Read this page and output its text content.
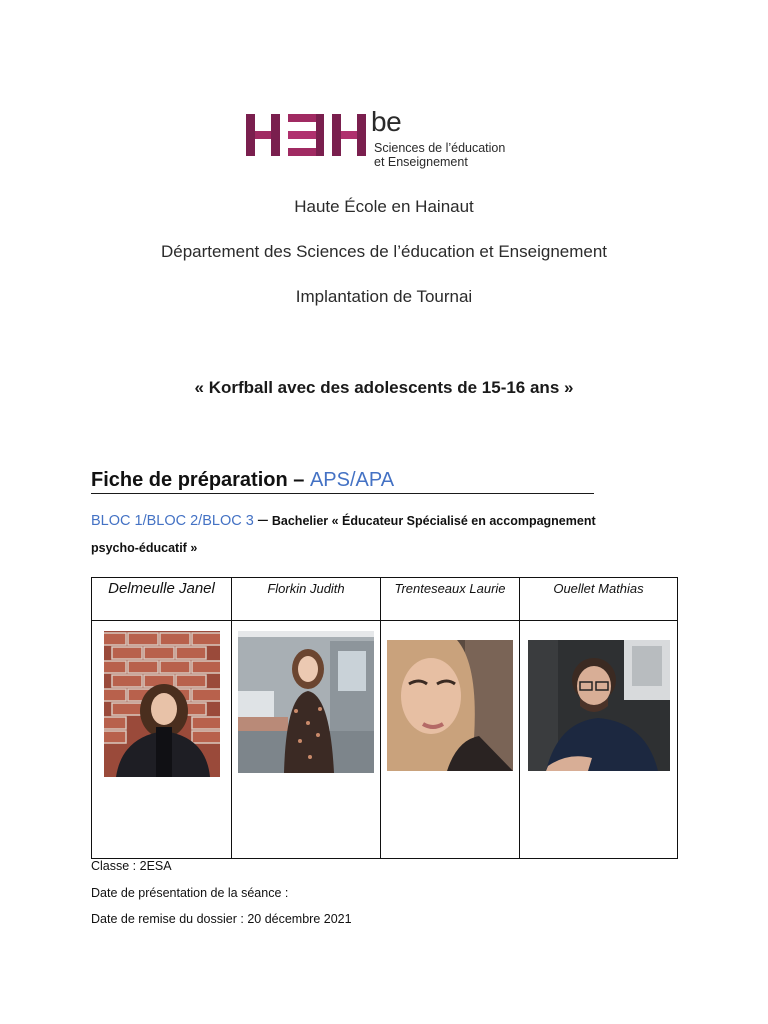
be
Sciences de l’éducation
et Enseignement
Haute École en Hainaut
Département des Sciences de l’éducation et Enseignement
Implantation de Tournai
« Korfball avec des adolescents de 15-16 ans »
Fiche de préparation – APS/APA
BLOC 1/BLOC 2/BLOC 3 – Bachelier « Éducateur Spécialisé en accompagnement
psycho-éducatif »
Delmeulle Janel	Florkin Judith	Trenteseaux Laurie	Ouellet Mathias

Classe : 2ESA
Date de présentation de la séance :
Date de remise du dossier : 20 décembre 2021
